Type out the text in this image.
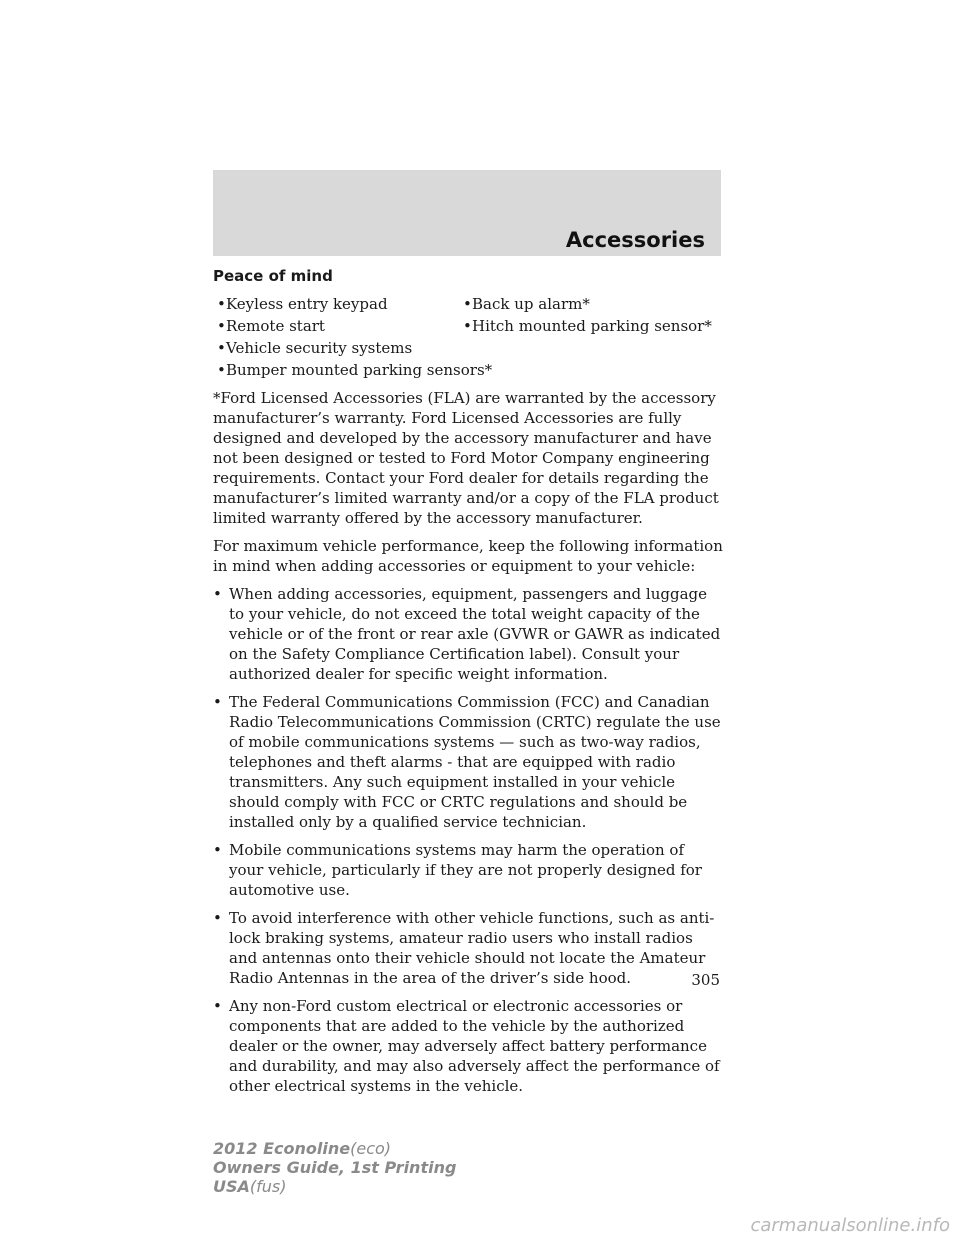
Accessories
Peace of mind
•Keyless entry keypad
•Remote start
•Vehicle security systems
•Bumper mounted parking sensors*
•Back up alarm*
•Hitch mounted parking sensor*

*Ford Licensed Accessories (FLA) are warranted by the accessory manufacturer’s warranty. Ford Licensed Accessories are fully designed and developed by the accessory manufacturer and have not been designed or tested to Ford Motor Company engineering requirements. Contact your Ford dealer for details regarding the manufacturer’s limited warranty and/or a copy of the FLA product limited warranty offered by the accessory manufacturer.

For maximum vehicle performance, keep the following information in mind when adding accessories or equipment to your vehicle:

• When adding accessories, equipment, passengers and luggage to your vehicle, do not exceed the total weight capacity of the vehicle or of the front or rear axle (GVWR or GAWR as indicated on the Safety Compliance Certification label). Consult your authorized dealer for specific weight information.
• The Federal Communications Commission (FCC) and Canadian Radio Telecommunications Commission (CRTC) regulate the use of mobile communications systems — such as two-way radios, telephones and theft alarms - that are equipped with radio transmitters. Any such equipment installed in your vehicle should comply with FCC or CRTC regulations and should be installed only by a qualified service technician.
• Mobile communications systems may harm the operation of your vehicle, particularly if they are not properly designed for automotive use.
• To avoid interference with other vehicle functions, such as anti-lock braking systems, amateur radio users who install radios and antennas onto their vehicle should not locate the Amateur Radio Antennas in the area of the driver’s side hood.
• Any non-Ford custom electrical or electronic accessories or components that are added to the vehicle by the authorized dealer or the owner, may adversely affect battery performance and durability, and may also adversely affect the performance of other electrical systems in the vehicle.
305
2012 Econoline(eco)
Owners Guide, 1st Printing
USA(fus)
carmanualsonline.info
